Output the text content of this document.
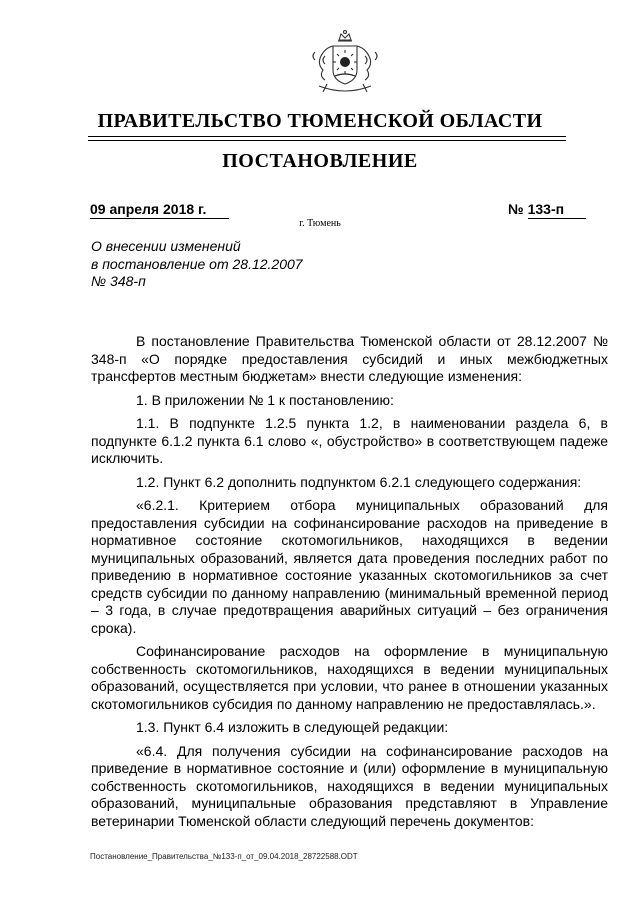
ПРАВИТЕЛЬСТВО ТЮМЕНСКОЙ ОБЛАСТИ
ПОСТАНОВЛЕНИЕ
09 апреля 2018 г.	№ 133-п
г. Тюмень
О внесении изменений
в постановление от 28.12.2007
№ 348-п

В постановление Правительства Тюменской области от 28.12.2007 № 348-п «О порядке предоставления субсидий и иных межбюджетных трансфертов местным бюджетам» внести следующие изменения:

1. В приложении № 1 к постановлению:

1.1. В подпункте 1.2.5 пункта 1.2, в наименовании раздела 6, в подпункте 6.1.2 пункта 6.1 слово «, обустройство» в соответствующем падеже исключить.

1.2. Пункт 6.2 дополнить подпунктом 6.2.1 следующего содержания:

«6.2.1. Критерием отбора муниципальных образований для предоставления субсидии на софинансирование расходов на приведение в нормативное состояние скотомогильников, находящихся в ведении муниципальных образований, является дата проведения последних работ по приведению в нормативное состояние указанных скотомогильников за счет средств субсидии по данному направлению (минимальный временной период – 3 года, в случае предотвращения аварийных ситуаций – без ограничения срока).

Софинансирование расходов на оформление в муниципальную собственность скотомогильников, находящихся в ведении муниципальных образований, осуществляется при условии, что ранее в отношении указанных скотомогильников субсидия по данному направлению не предоставлялась.».

1.3. Пункт 6.4 изложить в следующей редакции:

«6.4. Для получения субсидии на софинансирование расходов на приведение в нормативное состояние и (или) оформление в муниципальную собственность скотомогильников, находящихся в ведении муниципальных образований, муниципальные образования представляют в Управление ветеринарии Тюменской области следующий перечень документов:

Постановление_Правительства_№133-п_от_09.04.2018_28722588.ODT
